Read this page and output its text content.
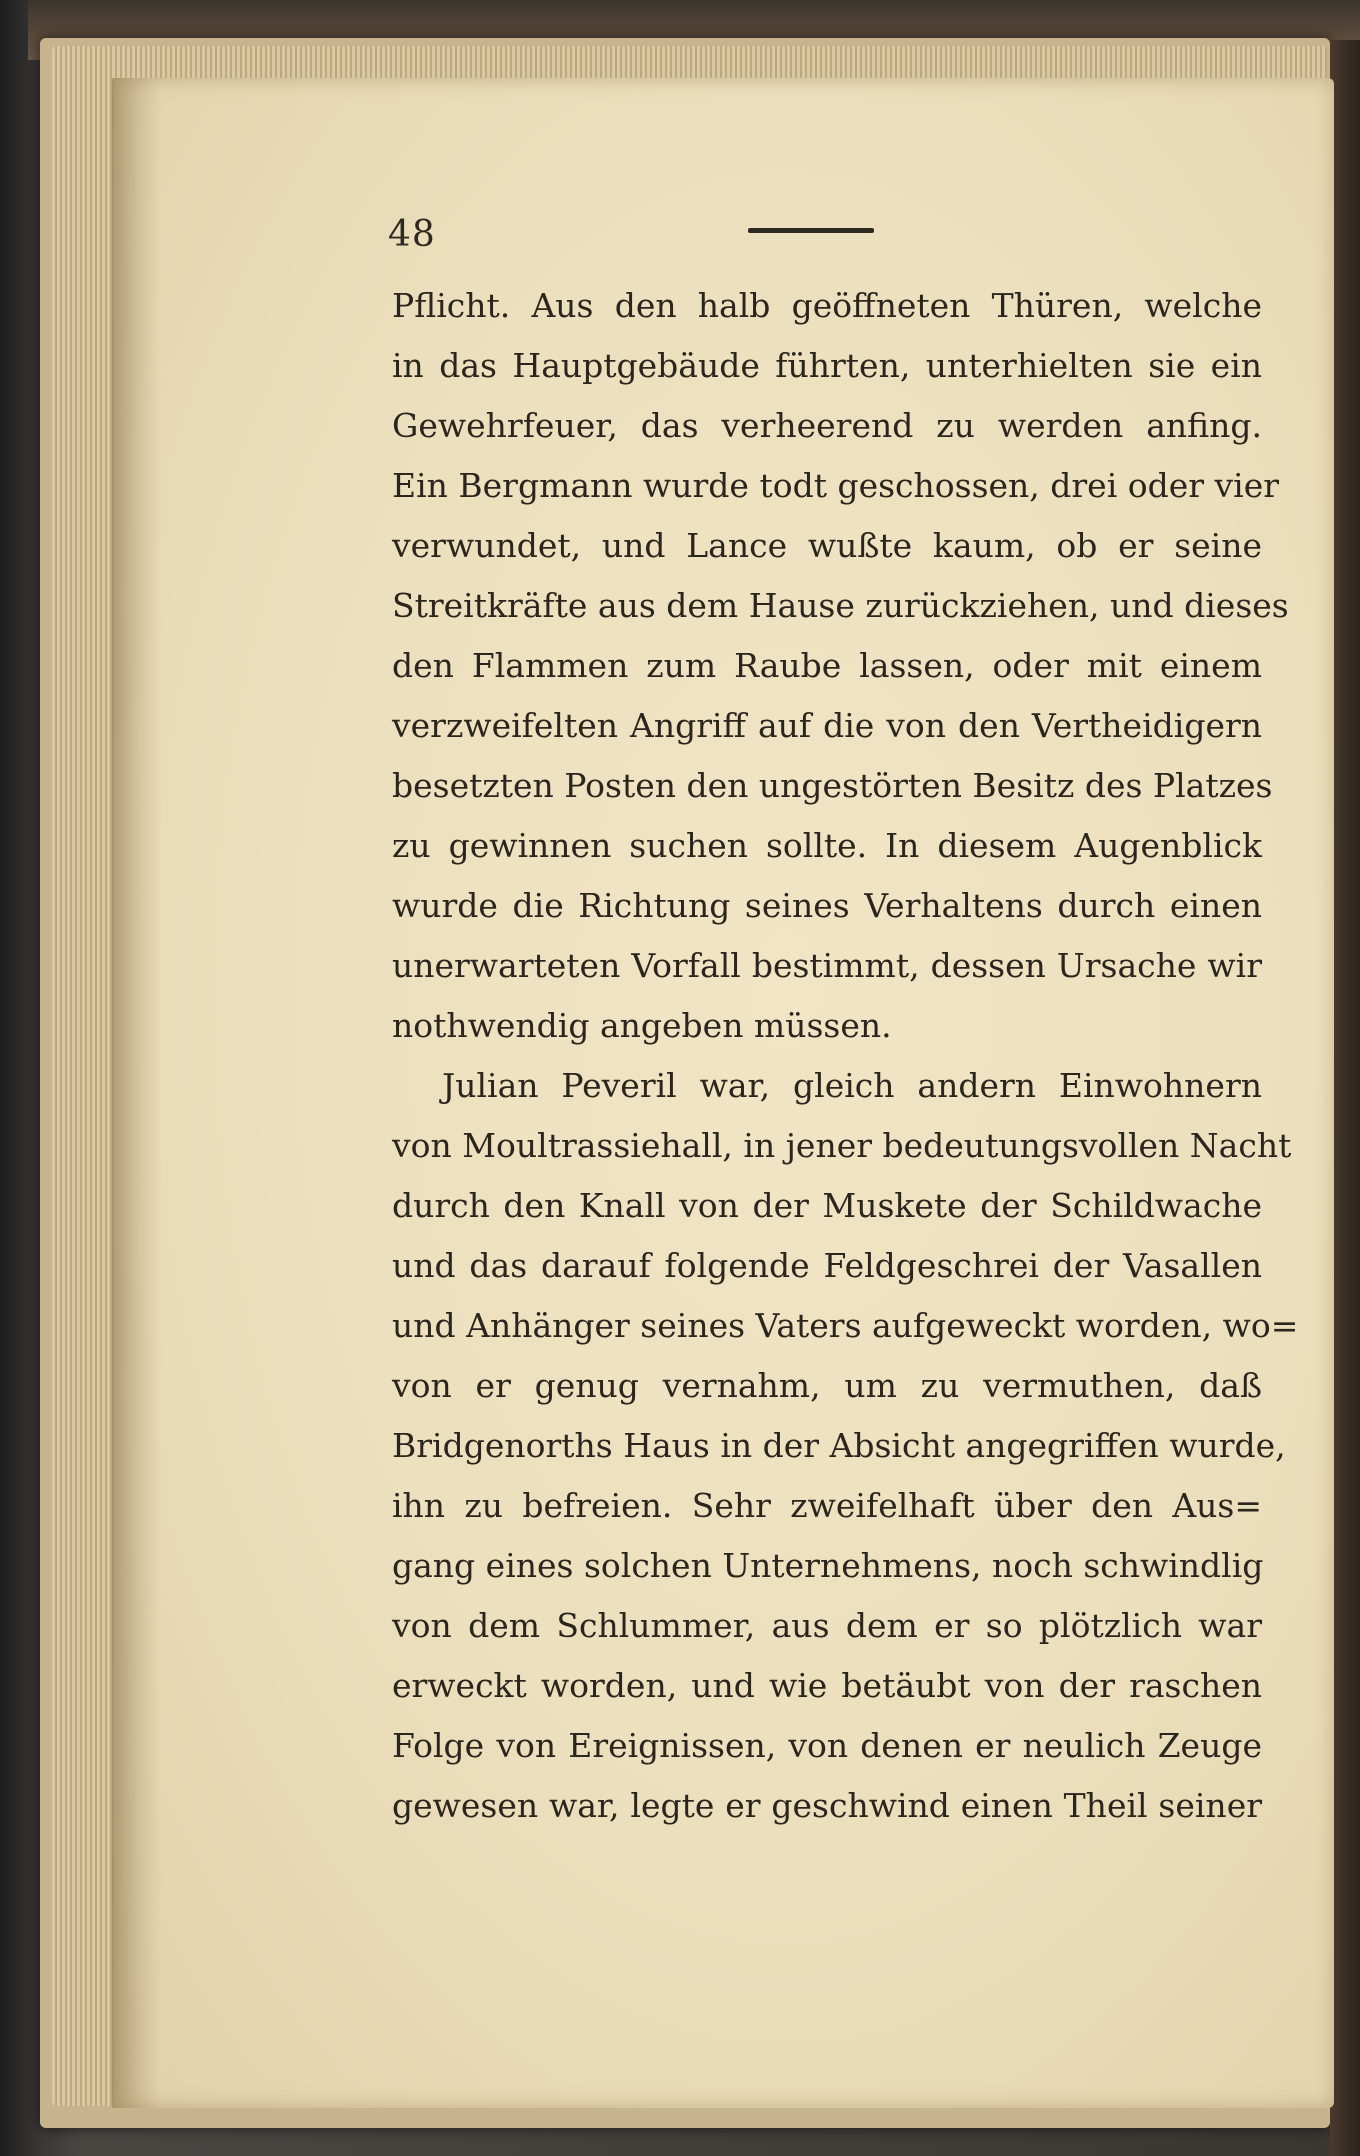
48
Pflicht. Aus den halb geöffneten Thüren, welche
in das Hauptgebäude führten, unterhielten sie ein
Gewehrfeuer, das verheerend zu werden anfing.
Ein Bergmann wurde todt geschossen, drei oder vier
verwundet, und Lance wußte kaum, ob er seine
Streitkräfte aus dem Hause zurückziehen, und dieses
den Flammen zum Raube lassen, oder mit einem
verzweifelten Angriff auf die von den Vertheidigern
besetzten Posten den ungestörten Besitz des Platzes
zu gewinnen suchen sollte. In diesem Augenblick
wurde die Richtung seines Verhaltens durch einen
unerwarteten Vorfall bestimmt, dessen Ursache wir
nothwendig angeben müssen.
Julian Peveril war, gleich andern Einwohnern
von Moultrassiehall, in jener bedeutungsvollen Nacht
durch den Knall von der Muskete der Schildwache
und das darauf folgende Feldgeschrei der Vasallen
und Anhänger seines Vaters aufgeweckt worden, wo=
von er genug vernahm, um zu vermuthen, daß
Bridgenorths Haus in der Absicht angegriffen wurde,
ihn zu befreien. Sehr zweifelhaft über den Aus=
gang eines solchen Unternehmens, noch schwindlig
von dem Schlummer, aus dem er so plötzlich war
erweckt worden, und wie betäubt von der raschen
Folge von Ereignissen, von denen er neulich Zeuge
gewesen war, legte er geschwind einen Theil seiner
